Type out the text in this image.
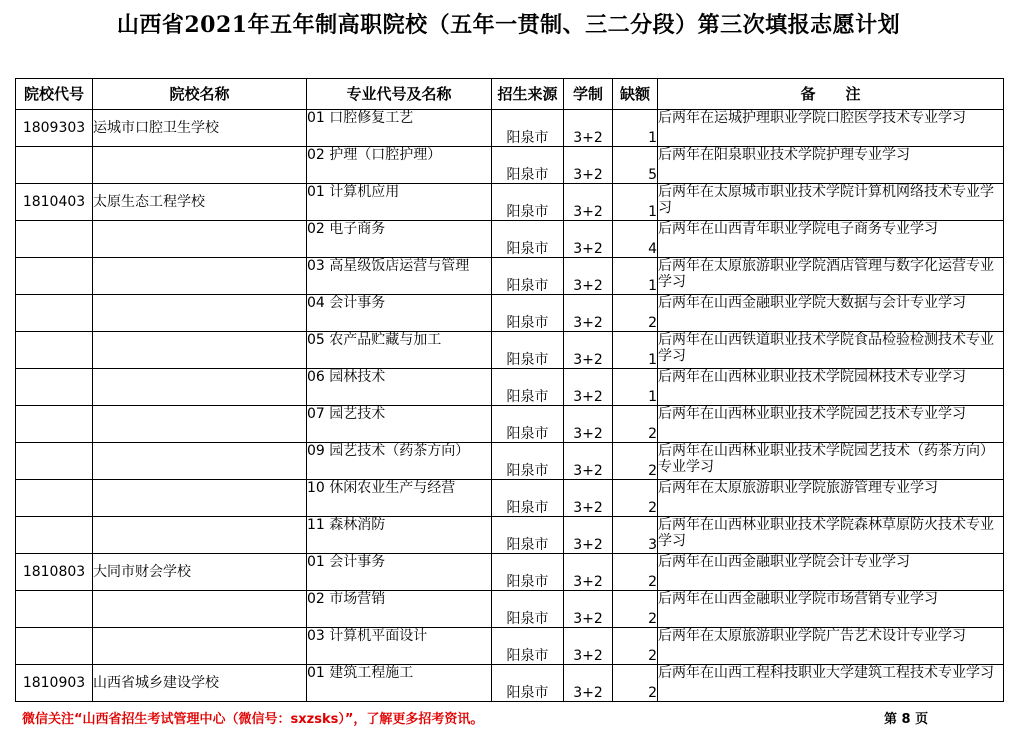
山西省2021年五年制高职院校（五年一贯制、三二分段）第三次填报志愿计划
院校代号	院校名称	专业代号及名称	招生来源	学制	缺额	备　　注
1809303	运城市口腔卫生学校	01 口腔修复工艺	阳泉市	3+2	1	后两年在运城护理职业学院口腔医学技术专业学习
		02 护理（口腔护理）	阳泉市	3+2	5	后两年在阳泉职业技术学院护理专业学习
1810403	太原生态工程学校	01 计算机应用	阳泉市	3+2	1	后两年在太原城市职业技术学院计算机网络技术专业学习
		02 电子商务	阳泉市	3+2	4	后两年在山西青年职业学院电子商务专业学习
		03 高星级饭店运营与管理	阳泉市	3+2	1	后两年在太原旅游职业学院酒店管理与数字化运营专业学习
		04 会计事务	阳泉市	3+2	2	后两年在山西金融职业学院大数据与会计专业学习
		05 农产品贮藏与加工	阳泉市	3+2	1	后两年在山西铁道职业技术学院食品检验检测技术专业学习
		06 园林技术	阳泉市	3+2	1	后两年在山西林业职业技术学院园林技术专业学习
		07 园艺技术	阳泉市	3+2	2	后两年在山西林业职业技术学院园艺技术专业学习
		09 园艺技术（药茶方向）	阳泉市	3+2	2	后两年在山西林业职业技术学院园艺技术（药茶方向）专业学习
		10 休闲农业生产与经营	阳泉市	3+2	2	后两年在太原旅游职业学院旅游管理专业学习
		11 森林消防	阳泉市	3+2	3	后两年在山西林业职业技术学院森林草原防火技术专业学习
1810803	大同市财会学校	01 会计事务	阳泉市	3+2	2	后两年在山西金融职业学院会计专业学习
		02 市场营销	阳泉市	3+2	2	后两年在山西金融职业学院市场营销专业学习
		03 计算机平面设计	阳泉市	3+2	2	后两年在太原旅游职业学院广告艺术设计专业学习
1810903	山西省城乡建设学校	01 建筑工程施工	阳泉市	3+2	2	后两年在山西工程科技职业大学建筑工程技术专业学习
微信关注“山西省招生考试管理中心（微信号：sxzsks）”，了解更多招考资讯。	第 8 页
